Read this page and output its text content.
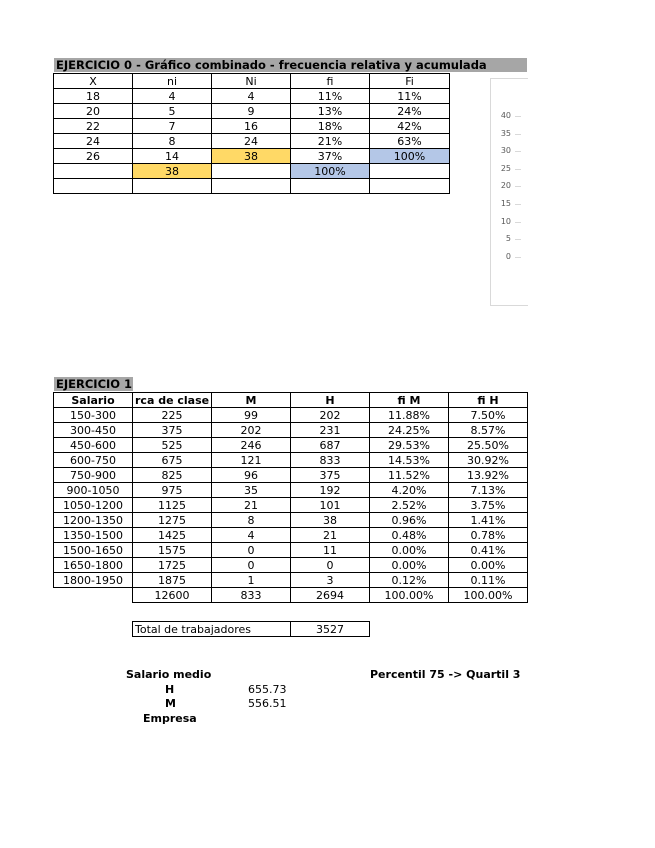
EJERCICIO 0 - Gráfico combinado - frecuencia relativa y acumulada
X	ni	Ni	fi	Fi
18	4	4	11%	11%
20	5	9	13%	24%
22	7	16	18%	42%
24	8	24	21%	63%
26	14	38	37%	100%
	38		100%	

40
35
30
25
20
15
10
5
0
EJERCICIO 1
Salario	rca de clase	M	H	fi M	fi H
150-300	225	99	202	11.88%	7.50%
300-450	375	202	231	24.25%	8.57%
450-600	525	246	687	29.53%	25.50%
600-750	675	121	833	14.53%	30.92%
750-900	825	96	375	11.52%	13.92%
900-1050	975	35	192	4.20%	7.13%
1050-1200	1125	21	101	2.52%	3.75%
1200-1350	1275	8	38	0.96%	1.41%
1350-1500	1425	4	21	0.48%	0.78%
1500-1650	1575	0	11	0.00%	0.41%
1650-1800	1725	0	0	0.00%	0.00%
1800-1950	1875	1	3	0.12%	0.11%
	12600	833	2694	100.00%	100.00%
Total de trabajadores	3527
Salario medio
H	655.73
M	556.51
Empresa
Percentil 75 -> Quartil 3
